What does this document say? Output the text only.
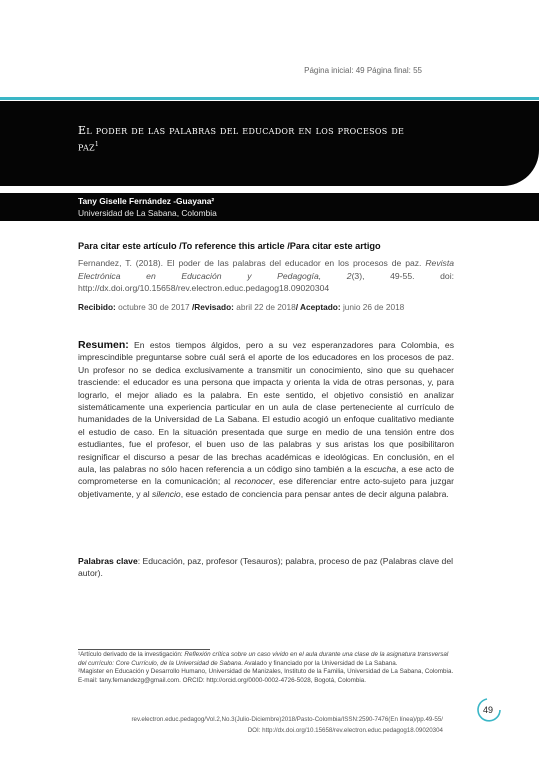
Página inicial: 49 Página final: 55
El poder de las palabras del educador en los procesos de paz$^1$
Tany Giselle Fernández -Guayana²
Universidad de La Sabana, Colombia
Para citar este artículo /To reference this article /Para citar este artigo
Fernandez, T. (2018). El poder de las palabras del educador en los procesos de paz. Revista Electrónica en Educación y Pedagogía, 2(3), 49-55. doi: http://dx.doi.org/10.15658/rev.electron.educ.pedagog18.09020304
Recibido: octubre 30 de 2017 /Revisado: abril 22 de 2018/ Aceptado: junio 26 de 2018
Resumen: En estos tiempos álgidos, pero a su vez esperanzadores para Colombia, es imprescindible preguntarse sobre cuál será el aporte de los educadores en los procesos de paz. Un profesor no se dedica exclusivamente a transmitir un conocimiento, sino que su quehacer trasciende: el educador es una persona que impacta y orienta la vida de otras personas, y, para lograrlo, el mejor aliado es la palabra. En este sentido, el objetivo consistió en analizar sistemáticamente una experiencia particular en un aula de clase perteneciente al currículo de humanidades de la Universidad de La Sabana. El estudio acogió un enfoque cualitativo mediante el estudio de caso. En la situación presentada que surge en medio de una tensión entre dos estudiantes, fue el profesor, el buen uso de las palabras y sus aristas los que posibilitaron resignificar el discurso a pesar de las brechas académicas e ideológicas. En conclusión, en el aula, las palabras no sólo hacen referencia a un código sino también a la escucha, a ese acto de comprometerse en la comunicación; al reconocer, ese diferenciar entre acto-sujeto para juzgar objetivamente, y al silencio, ese estado de conciencia para pensar antes de decir alguna palabra.
Palabras clave: Educación, paz, profesor (Tesauros); palabra, proceso de paz (Palabras clave del autor).
¹Artículo derivado de la investigación: Reflexión crítica sobre un caso vivido en el aula durante una clase de la asignatura transversal del currículo: Core Currículo, de la Universidad de Sabana. Avalado y financiado por la Universidad de La Sabana.
²Magister en Educación y Desarrollo Humano, Universidad de Manizales, Instituto de la Familia, Universidad de La Sabana, Colombia. E-mail: tany.fernandezg@gmail.com. ORCID: http://orcid.org/0000-0002-4726-5028, Bogotá, Colombia.
rev.electron.educ.pedagog/Vol.2,No.3(Julio-Diciembre)2018/Pasto-Colombia/ISSN:2590-7476(En línea)/pp.49-55/
DOI: http://dx.doi.org/10.15658/rev.electron.educ.pedagog18.09020304
49
